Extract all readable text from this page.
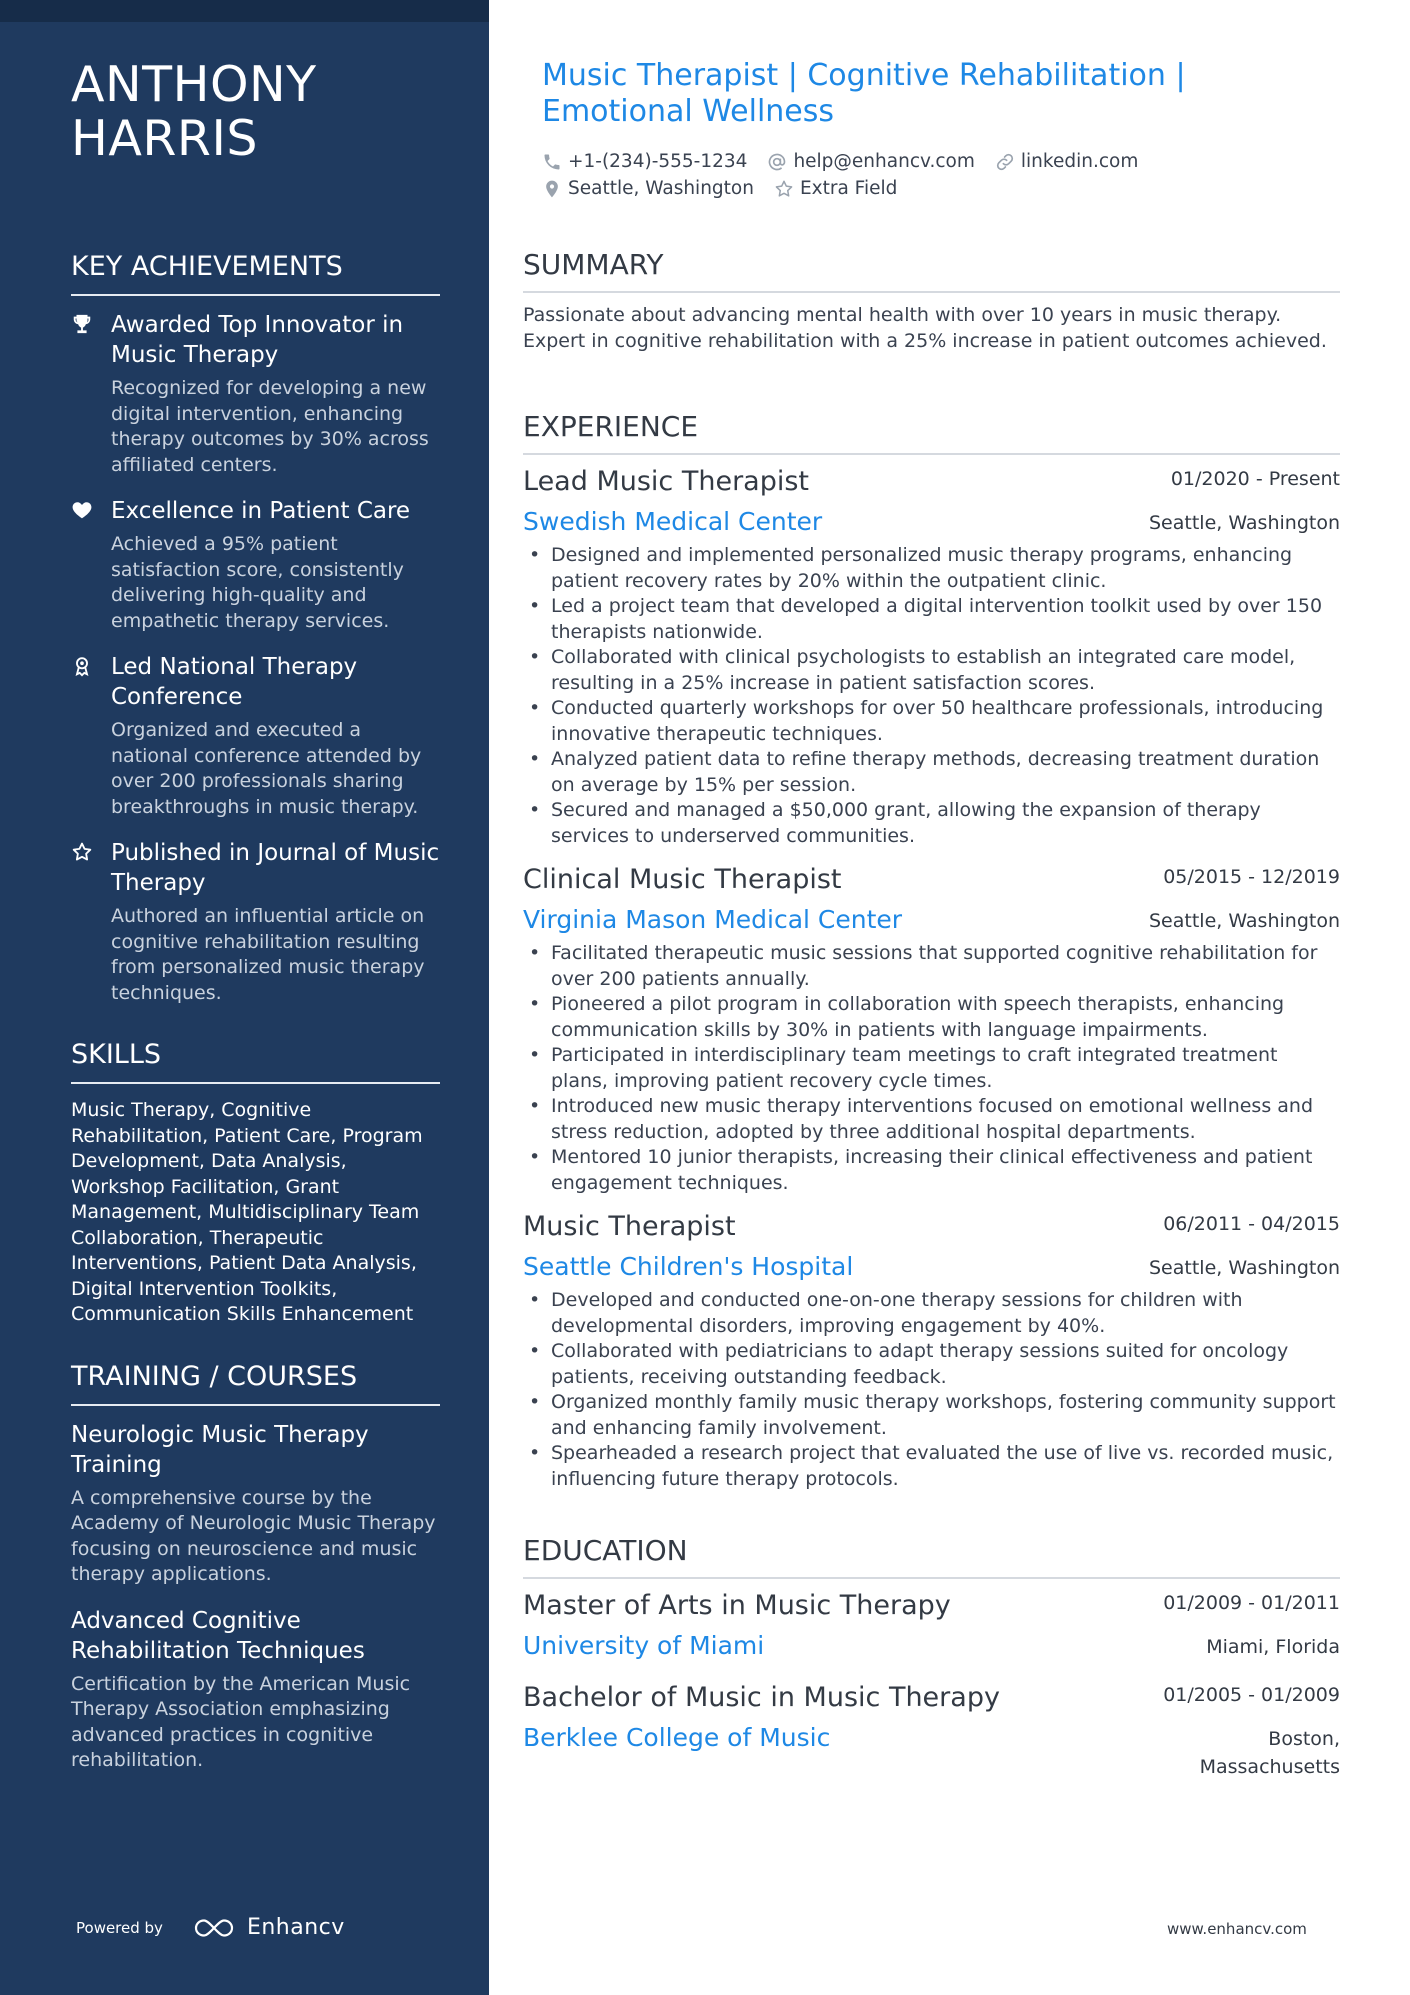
ANTHONY HARRIS
KEY ACHIEVEMENTS
Awarded Top Innovator in Music Therapy
Recognized for developing a new digital intervention, enhancing therapy outcomes by 30% across affiliated centers.
Excellence in Patient Care
Achieved a 95% patient satisfaction score, consistently delivering high-quality and empathetic therapy services.
Led National Therapy Conference
Organized and executed a national conference attended by over 200 professionals sharing breakthroughs in music therapy.
Published in Journal of Music Therapy
Authored an influential article on cognitive rehabilitation resulting from personalized music therapy techniques.
SKILLS
Music Therapy, Cognitive Rehabilitation, Patient Care, Program Development, Data Analysis, Workshop Facilitation, Grant Management, Multidisciplinary Team Collaboration, Therapeutic Interventions, Patient Data Analysis, Digital Intervention Toolkits, Communication Skills Enhancement
TRAINING / COURSES
Neurologic Music Therapy Training
A comprehensive course by the Academy of Neurologic Music Therapy focusing on neuroscience and music therapy applications.
Advanced Cognitive Rehabilitation Techniques
Certification by the American Music Therapy Association emphasizing advanced practices in cognitive rehabilitation.
Powered by	Enhancv
Music Therapist | Cognitive Rehabilitation | Emotional Wellness
+1-(234)-555-1234 help@enhancv.com linkedin.com
Seattle, Washington Extra Field
SUMMARY
Passionate about advancing mental health with over 10 years in music therapy. Expert in cognitive rehabilitation with a 25% increase in patient outcomes achieved.
EXPERIENCE
Lead Music Therapist	01/2020 - Present
Swedish Medical Center	Seattle, Washington
• Designed and implemented personalized music therapy programs, enhancing patient recovery rates by 20% within the outpatient clinic.
• Led a project team that developed a digital intervention toolkit used by over 150 therapists nationwide.
• Collaborated with clinical psychologists to establish an integrated care model, resulting in a 25% increase in patient satisfaction scores.
• Conducted quarterly workshops for over 50 healthcare professionals, introducing innovative therapeutic techniques.
• Analyzed patient data to refine therapy methods, decreasing treatment duration on average by 15% per session.
• Secured and managed a $50,000 grant, allowing the expansion of therapy services to underserved communities.
Clinical Music Therapist	05/2015 - 12/2019
Virginia Mason Medical Center	Seattle, Washington
• Facilitated therapeutic music sessions that supported cognitive rehabilitation for over 200 patients annually.
• Pioneered a pilot program in collaboration with speech therapists, enhancing communication skills by 30% in patients with language impairments.
• Participated in interdisciplinary team meetings to craft integrated treatment plans, improving patient recovery cycle times.
• Introduced new music therapy interventions focused on emotional wellness and stress reduction, adopted by three additional hospital departments.
• Mentored 10 junior therapists, increasing their clinical effectiveness and patient engagement techniques.
Music Therapist	06/2011 - 04/2015
Seattle Children's Hospital	Seattle, Washington
• Developed and conducted one-on-one therapy sessions for children with developmental disorders, improving engagement by 40%.
• Collaborated with pediatricians to adapt therapy sessions suited for oncology patients, receiving outstanding feedback.
• Organized monthly family music therapy workshops, fostering community support and enhancing family involvement.
• Spearheaded a research project that evaluated the use of live vs. recorded music, influencing future therapy protocols.
EDUCATION
Master of Arts in Music Therapy	01/2009 - 01/2011
University of Miami	Miami, Florida
Bachelor of Music in Music Therapy	01/2005 - 01/2009
Berklee College of Music	Boston, Massachusetts
www.enhancv.com
